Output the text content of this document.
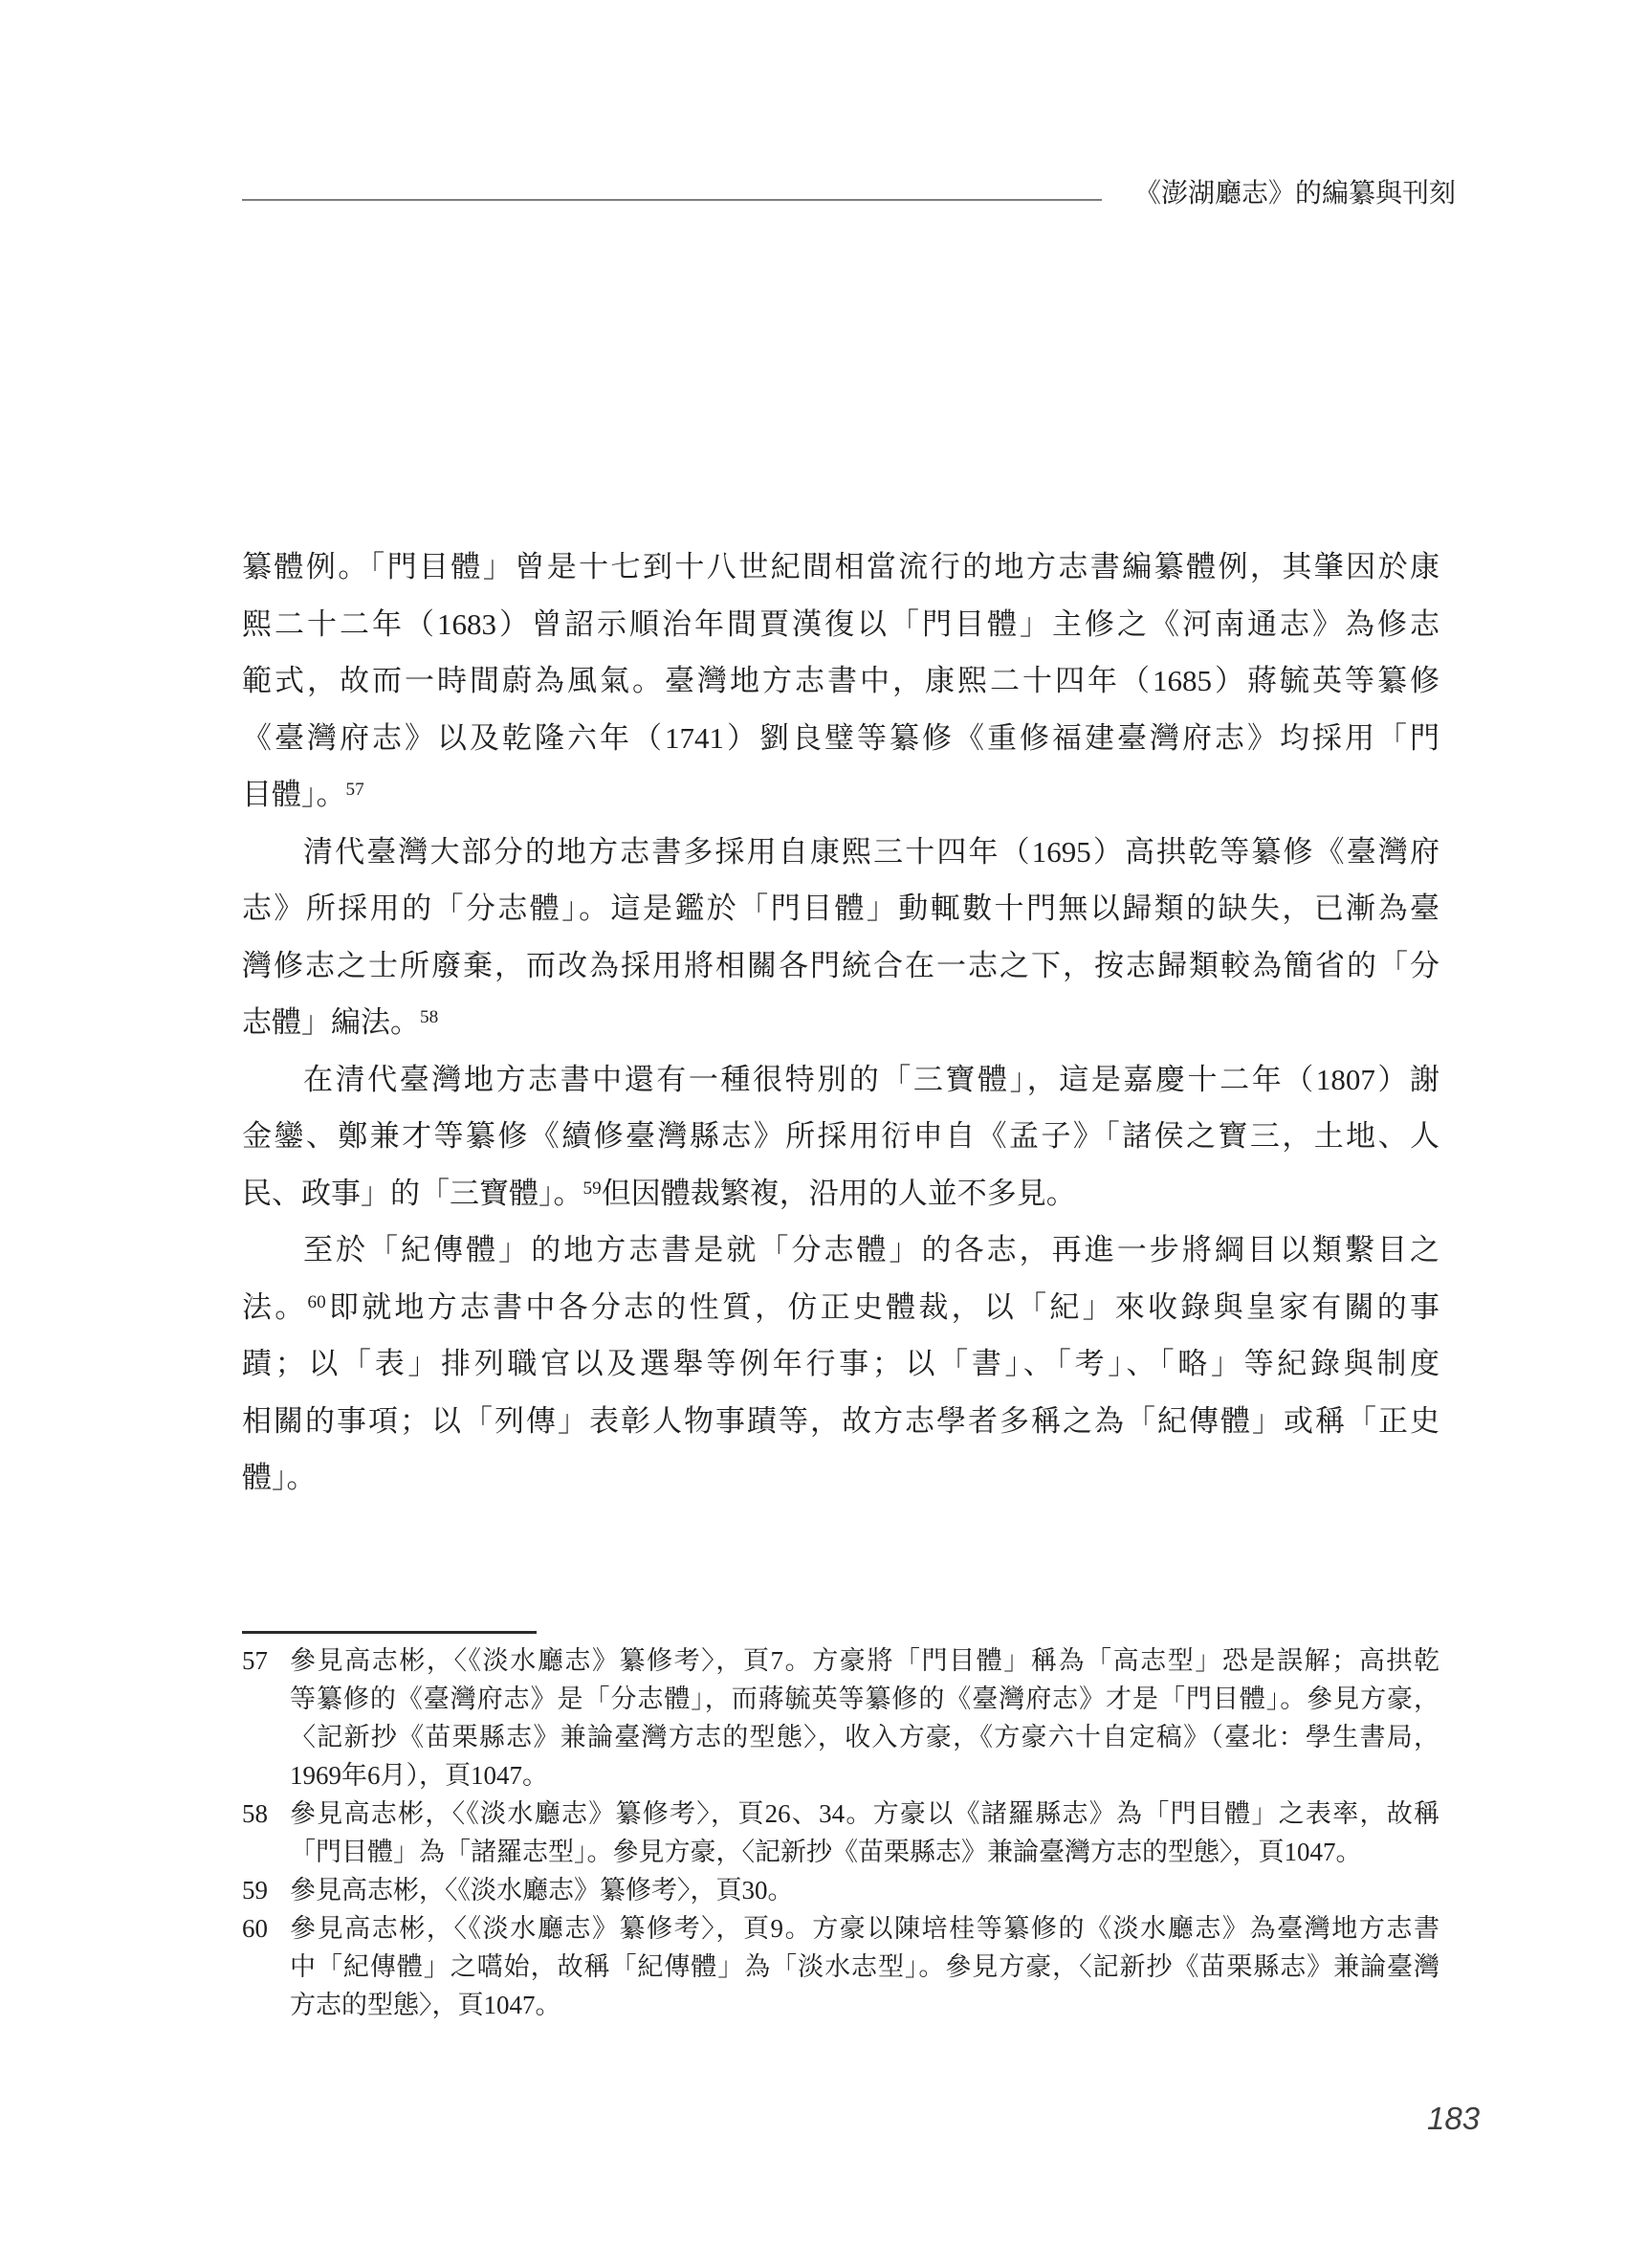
《澎湖廳志》的編纂與刊刻
纂體例。「門目體」曾是十七到十八世紀間相當流行的地方志書編纂體例，其肇因於康
熙二十二年（1683）曾詔示順治年間賈漢復以「門目體」主修之《河南通志》為修志
範式，故而一時間蔚為風氣。臺灣地方志書中，康熙二十四年（1685）蔣毓英等纂修
《臺灣府志》以及乾隆六年（1741）劉良璧等纂修《重修福建臺灣府志》均採用「門
目體」。$^{57}$
清代臺灣大部分的地方志書多採用自康熙三十四年（1695）高拱乾等纂修《臺灣府
志》所採用的「分志體」。這是鑑於「門目體」動輒數十門無以歸類的缺失，已漸為臺
灣修志之士所廢棄，而改為採用將相關各門統合在一志之下，按志歸類較為簡省的「分
志體」編法。$^{58}$
在清代臺灣地方志書中還有一種很特別的「三寶體」，這是嘉慶十二年（1807）謝
金鑾、鄭兼才等纂修《續修臺灣縣志》所採用衍申自《孟子》「諸侯之寶三，土地、人
民、政事」的「三寶體」。$^{59}$但因體裁繁複，沿用的人並不多見。
至於「紀傳體」的地方志書是就「分志體」的各志，再進一步將綱目以類繫目之
法。$^{60}$即就地方志書中各分志的性質，仿正史體裁，以「紀」來收錄與皇家有關的事
蹟；以「表」排列職官以及選舉等例年行事；以「書」、「考」、「略」等紀錄與制度
相關的事項；以「列傳」表彰人物事蹟等，故方志學者多稱之為「紀傳體」或稱「正史
體」。
57 參見高志彬，〈《淡水廳志》纂修考〉，頁7。方豪將「門目體」稱為「高志型」恐是誤解；高拱乾
等纂修的《臺灣府志》是「分志體」，而蔣毓英等纂修的《臺灣府志》才是「門目體」。參見方豪，
〈記新抄《苗栗縣志》兼論臺灣方志的型態〉，收入方豪，《方豪六十自定稿》（臺北：學生書局，
1969年6月），頁1047。
58 參見高志彬，〈《淡水廳志》纂修考〉，頁26、34。方豪以《諸羅縣志》為「門目體」之表率，故稱
「門目體」為「諸羅志型」。參見方豪，〈記新抄《苗栗縣志》兼論臺灣方志的型態〉，頁1047。
59 參見高志彬，〈《淡水廳志》纂修考〉，頁30。
60 參見高志彬，〈《淡水廳志》纂修考〉，頁9。方豪以陳培桂等纂修的《淡水廳志》為臺灣地方志書
中「紀傳體」之嚆始，故稱「紀傳體」為「淡水志型」。參見方豪，〈記新抄《苗栗縣志》兼論臺灣
方志的型態〉，頁1047。
183
